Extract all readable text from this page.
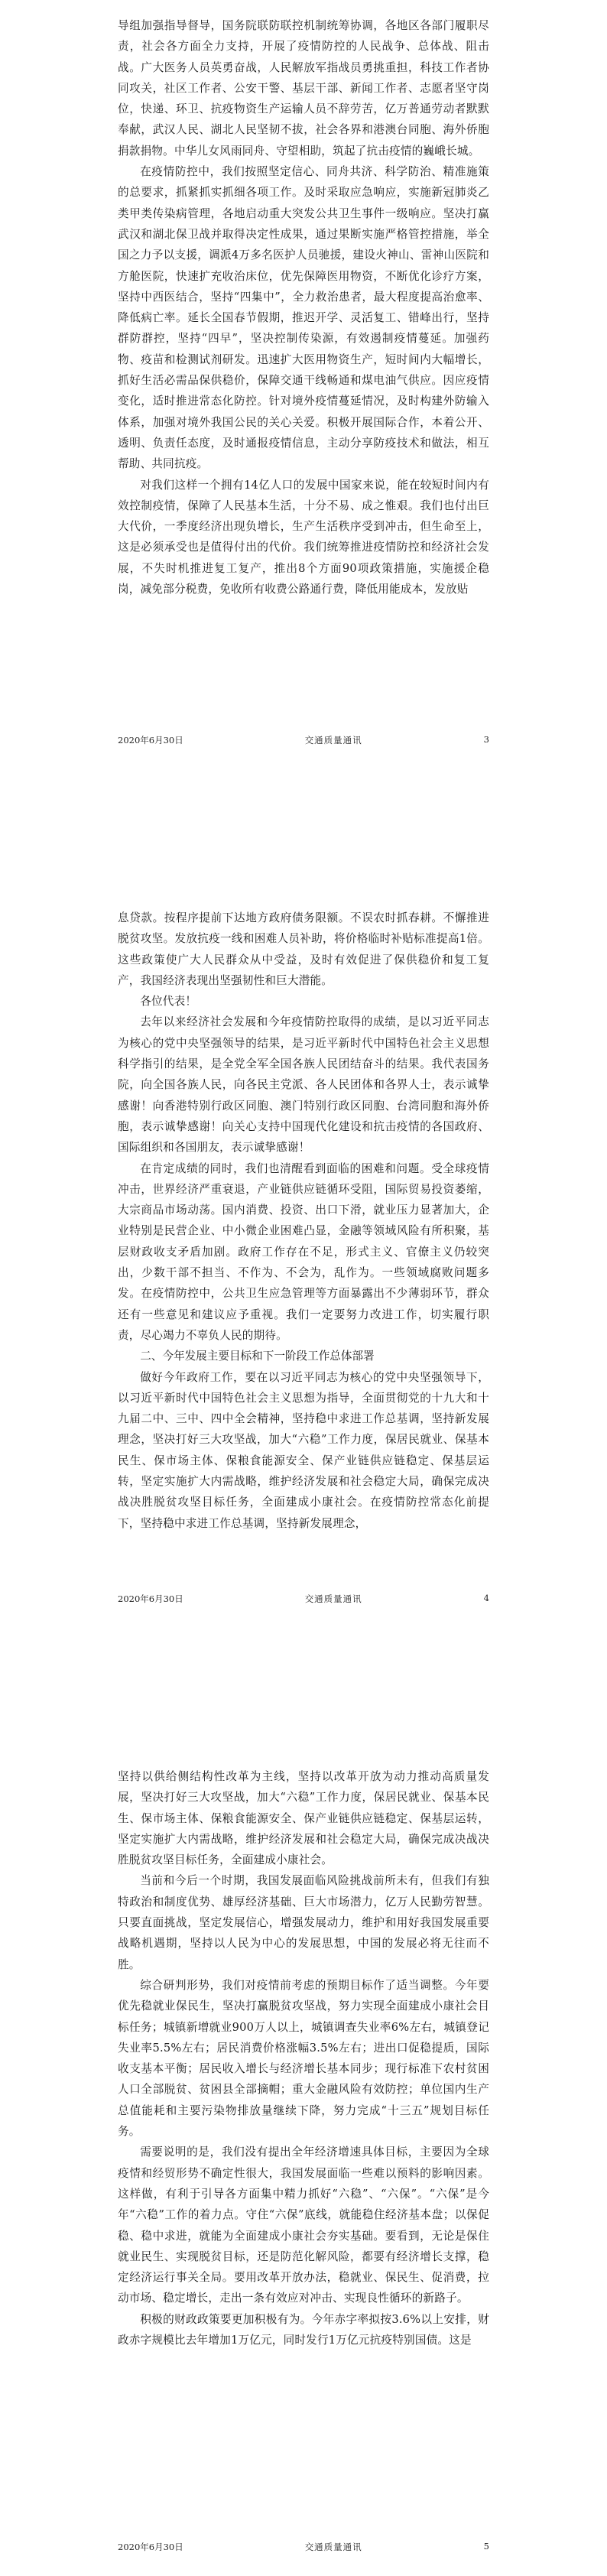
导组加强指导督导，国务院联防联控机制统筹协调，各地区各部门履职尽责，社会各方面全力支持，开展了疫情防控的人民战争、总体战、阻击战。广大医务人员英勇奋战，人民解放军指战员勇挑重担，科技工作者协同攻关，社区工作者、公安干警、基层干部、新闻工作者、志愿者坚守岗位，快递、环卫、抗疫物资生产运输人员不辞劳苦，亿万普通劳动者默默奉献，武汉人民、湖北人民坚韧不拔，社会各界和港澳台同胞、海外侨胞捐款捐物。中华儿女风雨同舟、守望相助，筑起了抗击疫情的巍峨长城。

在疫情防控中，我们按照坚定信心、同舟共济、科学防治、精准施策的总要求，抓紧抓实抓细各项工作。及时采取应急响应，实施新冠肺炎乙类甲类传染病管理，各地启动重大突发公共卫生事件一级响应。坚决打赢武汉和湖北保卫战并取得决定性成果，通过果断实施严格管控措施，举全国之力予以支援，调派4万多名医护人员驰援，建设火神山、雷神山医院和方舱医院，快速扩充收治床位，优先保障医用物资，不断优化诊疗方案，坚持中西医结合，坚持“四集中”，全力救治患者，最大程度提高治愈率、降低病亡率。延长全国春节假期，推迟开学、灵活复工、错峰出行，坚持群防群控，坚持“四早”，坚决控制传染源，有效遏制疫情蔓延。加强药物、疫苗和检测试剂研发。迅速扩大医用物资生产，短时间内大幅增长，抓好生活必需品保供稳价，保障交通干线畅通和煤电油气供应。因应疫情变化，适时推进常态化防控。针对境外疫情蔓延情况，及时构建外防输入体系，加强对境外我国公民的关心关爱。积极开展国际合作，本着公开、透明、负责任态度，及时通报疫情信息，主动分享防疫技术和做法，相互帮助、共同抗疫。

对我们这样一个拥有14亿人口的发展中国家来说，能在较短时间内有效控制疫情，保障了人民基本生活，十分不易、成之惟艰。我们也付出巨大代价，一季度经济出现负增长，生产生活秩序受到冲击，但生命至上，这是必须承受也是值得付出的代价。我们统筹推进疫情防控和经济社会发展，不失时机推进复工复产，推出8个方面90项政策措施，实施援企稳岗，减免部分税费，免收所有收费公路通行费，降低用能成本，发放贴

2020年6月30日	交通质量通讯	3

息贷款。按程序提前下达地方政府债务限额。不误农时抓春耕。不懈推进脱贫攻坚。发放抗疫一线和困难人员补助，将价格临时补贴标准提高1倍。这些政策使广大人民群众从中受益，及时有效促进了保供稳价和复工复产，我国经济表现出坚强韧性和巨大潜能。

各位代表！

去年以来经济社会发展和今年疫情防控取得的成绩，是以习近平同志为核心的党中央坚强领导的结果，是习近平新时代中国特色社会主义思想科学指引的结果，是全党全军全国各族人民团结奋斗的结果。我代表国务院，向全国各族人民，向各民主党派、各人民团体和各界人士，表示诚挚感谢！向香港特别行政区同胞、澳门特别行政区同胞、台湾同胞和海外侨胞，表示诚挚感谢！向关心支持中国现代化建设和抗击疫情的各国政府、国际组织和各国朋友，表示诚挚感谢！

在肯定成绩的同时，我们也清醒看到面临的困难和问题。受全球疫情冲击，世界经济严重衰退，产业链供应链循环受阻，国际贸易投资萎缩，大宗商品市场动荡。国内消费、投资、出口下滑，就业压力显著加大，企业特别是民营企业、中小微企业困难凸显，金融等领域风险有所积聚，基层财政收支矛盾加剧。政府工作存在不足，形式主义、官僚主义仍较突出，少数干部不担当、不作为、不会为，乱作为。一些领域腐败问题多发。在疫情防控中，公共卫生应急管理等方面暴露出不少薄弱环节，群众还有一些意见和建议应予重视。我们一定要努力改进工作，切实履行职责，尽心竭力不辜负人民的期待。

二、今年发展主要目标和下一阶段工作总体部署

做好今年政府工作，要在以习近平同志为核心的党中央坚强领导下，以习近平新时代中国特色社会主义思想为指导，全面贯彻党的十九大和十九届二中、三中、四中全会精神，坚持稳中求进工作总基调，坚持新发展理念，坚决打好三大攻坚战，加大“六稳”工作力度，保居民就业、保基本民生、保市场主体、保粮食能源安全、保产业链供应链稳定、保基层运转，坚定实施扩大内需战略，维护经济发展和社会稳定大局，确保完成决战决胜脱贫攻坚目标任务，全面建成小康社会。在疫情防控常态化前提下，坚持稳中求进工作总基调，坚持新发展理念，

2020年6月30日	交通质量通讯	4

坚持以供给侧结构性改革为主线，坚持以改革开放为动力推动高质量发展，坚决打好三大攻坚战，加大“六稳”工作力度，保居民就业、保基本民生、保市场主体、保粮食能源安全、保产业链供应链稳定、保基层运转，坚定实施扩大内需战略，维护经济发展和社会稳定大局，确保完成决战决胜脱贫攻坚目标任务，全面建成小康社会。

当前和今后一个时期，我国发展面临风险挑战前所未有，但我们有独特政治和制度优势、雄厚经济基础、巨大市场潜力，亿万人民勤劳智慧。只要直面挑战，坚定发展信心，增强发展动力，维护和用好我国发展重要战略机遇期，坚持以人民为中心的发展思想，中国的发展必将无往而不胜。

综合研判形势，我们对疫情前考虑的预期目标作了适当调整。今年要优先稳就业保民生，坚决打赢脱贫攻坚战，努力实现全面建成小康社会目标任务；城镇新增就业900万人以上，城镇调查失业率6%左右，城镇登记失业率5.5%左右；居民消费价格涨幅3.5%左右；进出口促稳提质，国际收支基本平衡；居民收入增长与经济增长基本同步；现行标准下农村贫困人口全部脱贫、贫困县全部摘帽；重大金融风险有效防控；单位国内生产总值能耗和主要污染物排放量继续下降，努力完成“十三五”规划目标任务。

需要说明的是，我们没有提出全年经济增速具体目标，主要因为全球疫情和经贸形势不确定性很大，我国发展面临一些难以预料的影响因素。这样做，有利于引导各方面集中精力抓好“六稳”、“六保”。“六保”是今年“六稳”工作的着力点。守住“六保”底线，就能稳住经济基本盘；以保促稳、稳中求进，就能为全面建成小康社会夯实基础。要看到，无论是保住就业民生、实现脱贫目标，还是防范化解风险，都要有经济增长支撑，稳定经济运行事关全局。要用改革开放办法，稳就业、保民生、促消费，拉动市场、稳定增长，走出一条有效应对冲击、实现良性循环的新路子。

积极的财政政策要更加积极有为。今年赤字率拟按3.6%以上安排，财政赤字规模比去年增加1万亿元，同时发行1万亿元抗疫特别国债。这是

2020年6月30日	交通质量通讯	5
